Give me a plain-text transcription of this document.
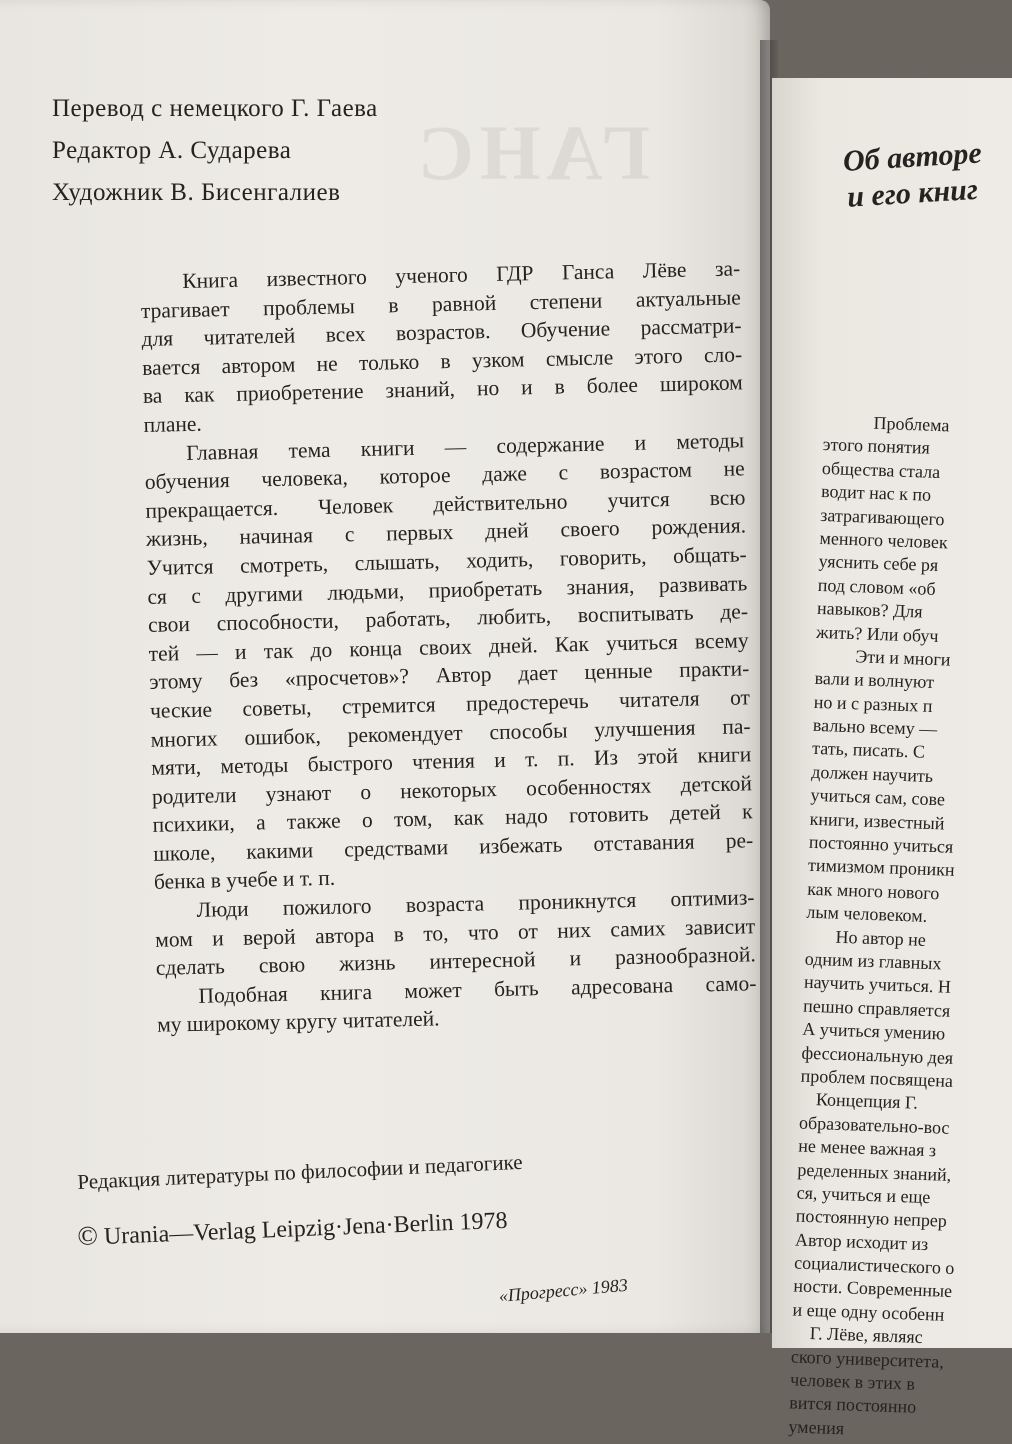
ГАНС
Перевод с немецкого Г. Гаева
Редактор А. Сударева
Художник В. Бисенгалиев
Книга известного ученого ГДР Ганса Лёве за-
трагивает проблемы в равной степени актуальные
для читателей всех возрастов. Обучение рассматри-
вается автором не только в узком смысле этого сло-
ва как приобретение знаний, но и в более широком
плане.
Главная тема книги — содержание и методы
обучения человека, которое даже с возрастом не
прекращается. Человек действительно учится всю
жизнь, начиная с первых дней своего рождения.
Учится смотреть, слышать, ходить, говорить, общать-
ся с другими людьми, приобретать знания, развивать
свои способности, работать, любить, воспитывать де-
тей — и так до конца своих дней. Как учиться всему
этому без «просчетов»? Автор дает ценные практи-
ческие советы, стремится предостеречь читателя от
многих ошибок, рекомендует способы улучшения па-
мяти, методы быстрого чтения и т. п. Из этой книги
родители узнают о некоторых особенностях детской
психики, а также о том, как надо готовить детей к
школе, какими средствами избежать отставания ре-
бенка в учебе и т. п.
Люди пожилого возраста проникнутся оптимиз-
мом и верой автора в то, что от них самих зависит
сделать свою жизнь интересной и разнообразной.
Подобная книга может быть адресована само-
му широкому кругу читателей.
Редакция литературы по философии и педагогике
© Urania—Verlag Leipzig·Jena·Berlin 1978
«Прогресс» 1983
Об авторе
и его книг
Проблема
этого понятия
общества стала
водит нас к по
затрагивающего
менного человек
уяснить себе ря
под словом «об
навыков? Для
жить? Или обуч
Эти и многи
вали и волнуют
но и с разных п
вально всему —
тать, писать. С
должен научить
учиться сам, сове
книги, известный
постоянно учиться
тимизмом проникн
как много нового
лым человеком.
Но автор не
одним из главных
научить учиться. Н
пешно справляется
А учиться умению
фессиональную дея
проблем посвящена
Концепция Г.
образовательно-вос
не менее важная з
ределенных знаний,
ся, учиться и еще
постоянную непрер
Автор исходит из
социалистического о
ности. Современные
и еще одну особенн
Г. Лёве, являяс
ского университета,
человек в этих в
вится постоянно
умения
